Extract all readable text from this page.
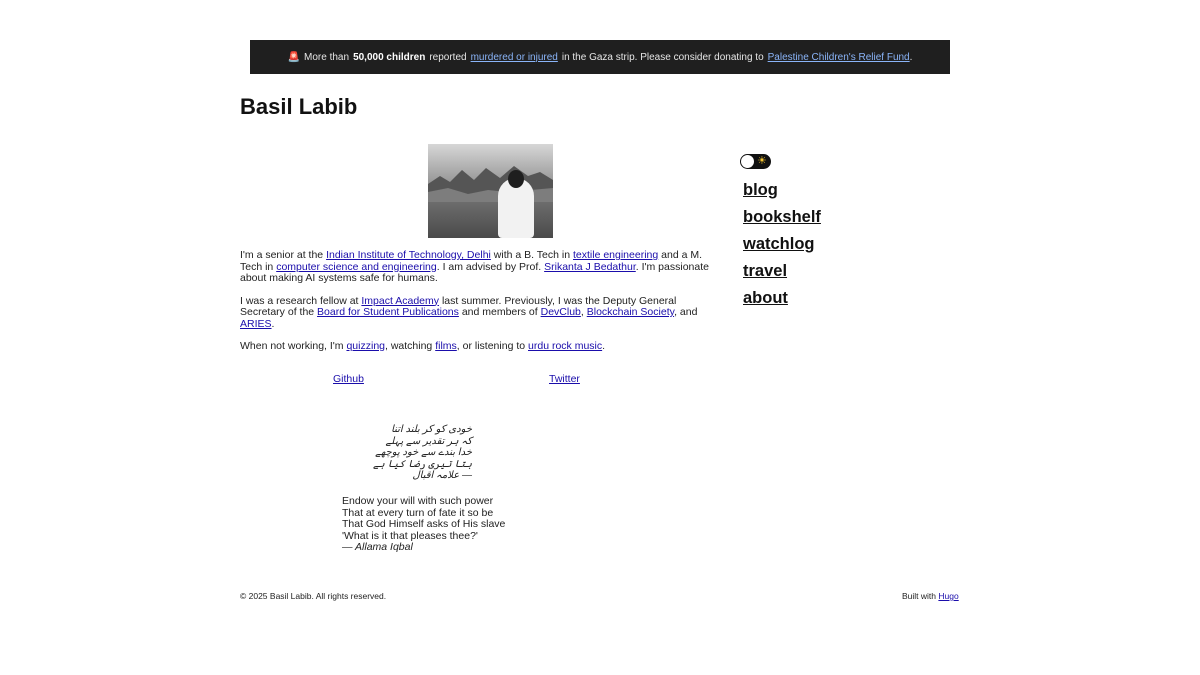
🚨 More than 50,000 children reported murdered or injured in the Gaza strip. Please consider donating to Palestine Children's Relief Fund .
Basil Labib

I'm a senior at the Indian Institute of Technology, Delhi with a B. Tech in textile engineering and a M. Tech in computer science and engineering. I am advised by Prof. Srikanta J Bedathur. I'm passionate about making AI systems safe for humans.

I was a research fellow at Impact Academy last summer. Previously, I was the Deputy General Secretary of the Board for Student Publications and members of DevClub, Blockchain Society, and ARIES.

When not working, I'm quizzing, watching films, or listening to urdu rock music.

Github	Twitter
خودی کو کر بلند اتنا
کہ ہر تقدیر سے پہلے
خدا بندے سے خود پوچھے
بتا تیری رضا کیا ہے
— علامہ اقبال
Endow your will with such power
That at every turn of fate it so be
That God Himself asks of His slave
'What is it that pleases thee?'
— Allama Iqbal
☀
blog
bookshelf
watchlog
travel
about
© 2025 Basil Labib. All rights reserved.	Built with Hugo
